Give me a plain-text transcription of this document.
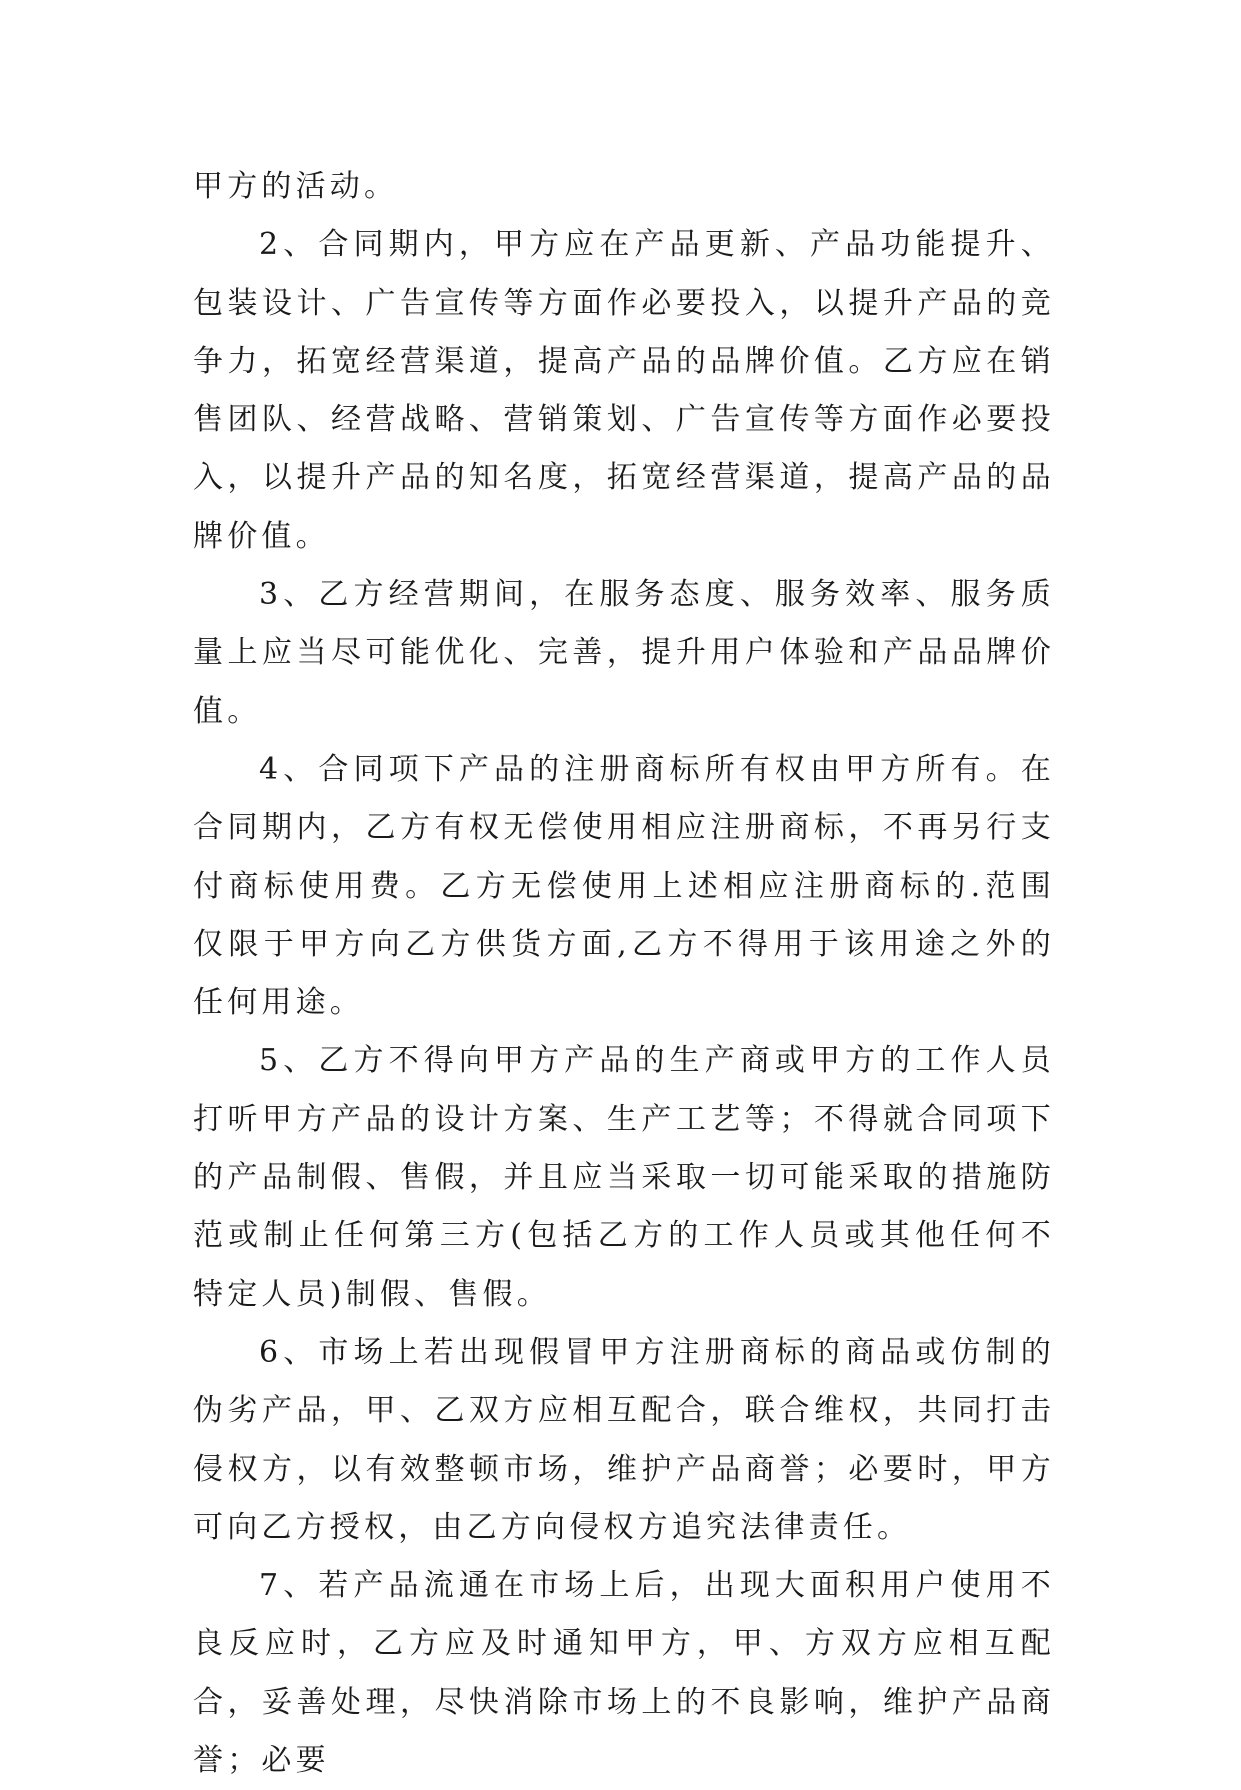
甲方的活动。

2、合同期内，甲方应在产品更新、产品功能提升、包装设计、广告宣传等方面作必要投入，以提升产品的竞争力，拓宽经营渠道，提高产品的品牌价值。乙方应在销售团队、经营战略、营销策划、广告宣传等方面作必要投入，以提升产品的知名度，拓宽经营渠道，提高产品的品牌价值。

3、乙方经营期间，在服务态度、服务效率、服务质量上应当尽可能优化、完善，提升用户体验和产品品牌价值。

4、合同项下产品的注册商标所有权由甲方所有。在合同期内，乙方有权无偿使用相应注册商标，不再另行支付商标使用费。乙方无偿使用上述相应注册商标的.范围仅限于甲方向乙方供货方面,乙方不得用于该用途之外的任何用途。

5、乙方不得向甲方产品的生产商或甲方的工作人员打听甲方产品的设计方案、生产工艺等；不得就合同项下的产品制假、售假，并且应当采取一切可能采取的措施防范或制止任何第三方(包括乙方的工作人员或其他任何不特定人员)制假、售假。

6、市场上若出现假冒甲方注册商标的商品或仿制的伪劣产品，甲、乙双方应相互配合，联合维权，共同打击侵权方，以有效整顿市场，维护产品商誉；必要时，甲方可向乙方授权，由乙方向侵权方追究法律责任。

7、若产品流通在市场上后，出现大面积用户使用不良反应时，乙方应及时通知甲方，甲、方双方应相互配合，妥善处理，尽快消除市场上的不良影响，维护产品商誉；必要
